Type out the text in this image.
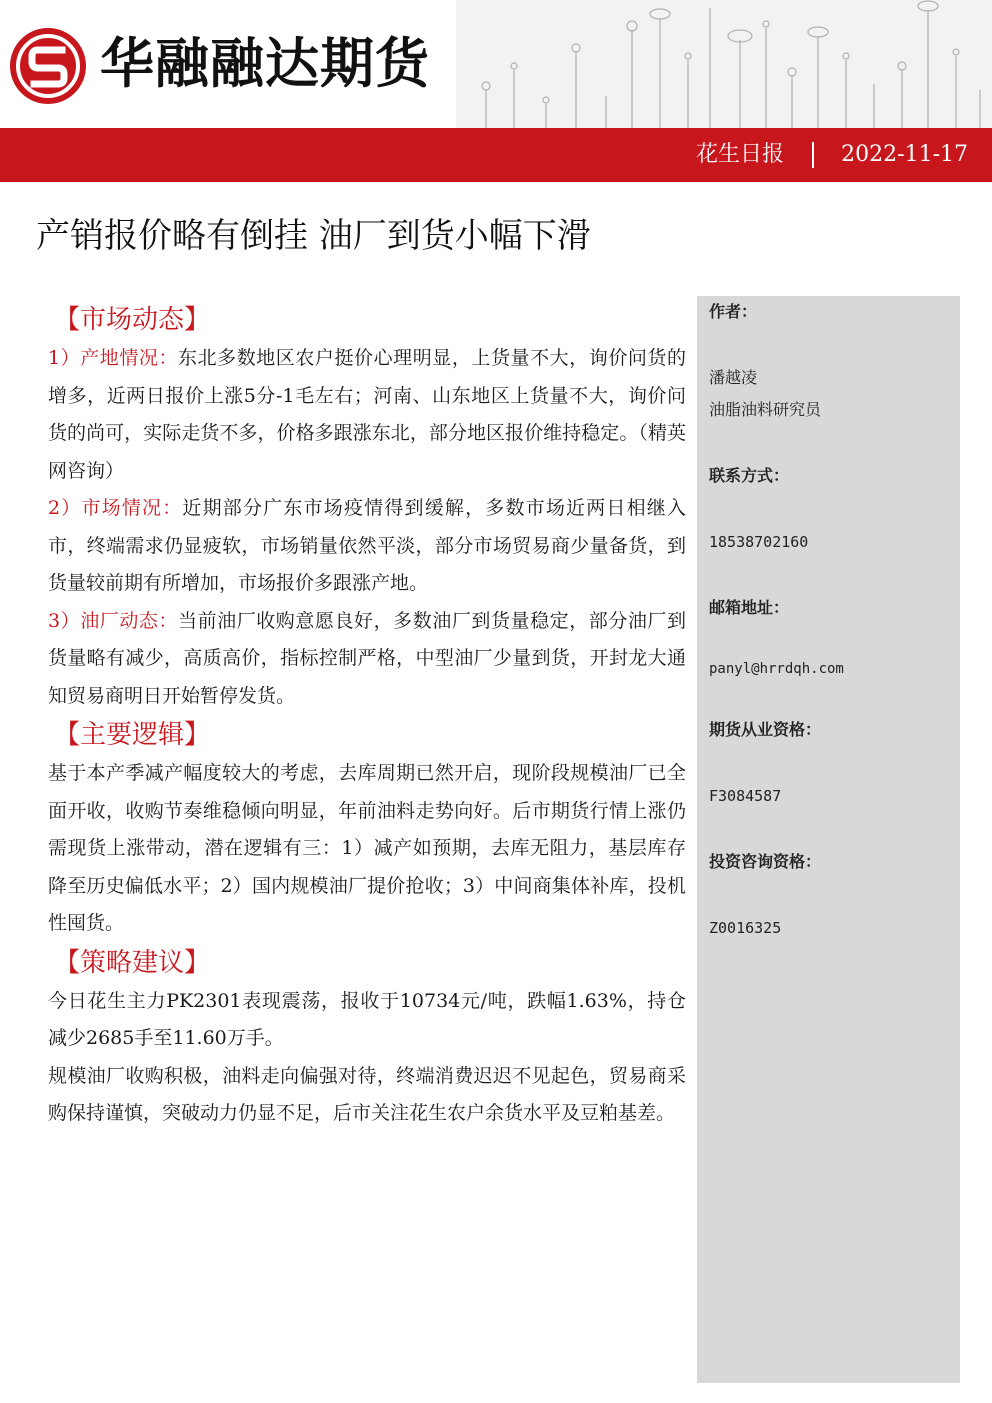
华融融达期货
花生日报	2022-11-17
产销报价略有倒挂 油厂到货小幅下滑
【市场动态】

1）产地情况：东北多数地区农户挺价心理明显，上货量不大，询价问货的增多，近两日报价上涨5分-1毛左右；河南、山东地区上货量不大，询价问货的尚可，实际走货不多，价格多跟涨东北，部分地区报价维持稳定。（精英网咨询）

2）市场情况：近期部分广东市场疫情得到缓解，多数市场近两日相继入市，终端需求仍显疲软，市场销量依然平淡，部分市场贸易商少量备货，到货量较前期有所增加，市场报价多跟涨产地。

3）油厂动态：当前油厂收购意愿良好，多数油厂到货量稳定，部分油厂到货量略有减少，高质高价，指标控制严格，中型油厂少量到货，开封龙大通知贸易商明日开始暂停发货。

【主要逻辑】

基于本产季减产幅度较大的考虑，去库周期已然开启，现阶段规模油厂已全面开收，收购节奏维稳倾向明显，年前油料走势向好。后市期货行情上涨仍需现货上涨带动，潜在逻辑有三：1）减产如预期，去库无阻力，基层库存降至历史偏低水平；2）国内规模油厂提价抢收；3）中间商集体补库，投机性囤货。

【策略建议】

今日花生主力PK2301表现震荡，报收于10734元/吨，跌幅1.63%，持仓减少2685手至11.60万手。

规模油厂收购积极，油料走向偏强对待，终端消费迟迟不见起色，贸易商采购保持谨慎，突破动力仍显不足，后市关注花生农户余货水平及豆粕基差。

作者：
潘越凌
油脂油料研究员
联系方式：
18538702160
邮箱地址：
panyl@hrrdqh.com
期货从业资格：
F3084587
投资咨询资格：
Z0016325
